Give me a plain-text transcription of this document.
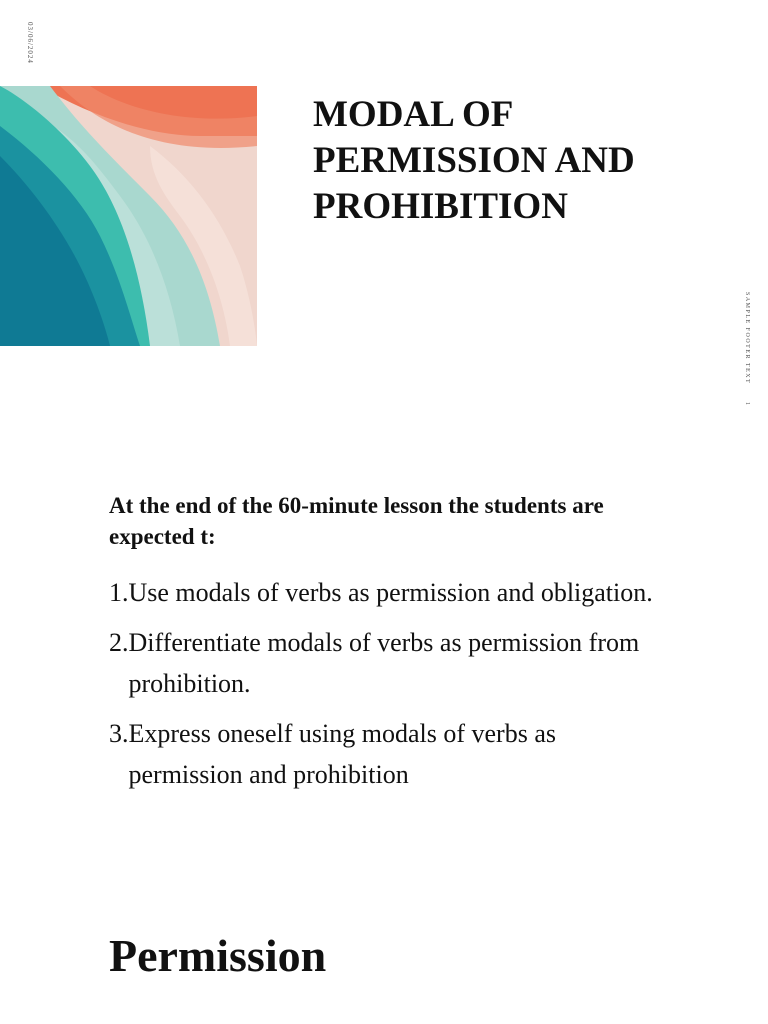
03/06/2024
SAMPLE FOOTER TEXT
1
MODAL OF
PERMISSION AND
PROHIBITION

At the end of the 60-minute lesson the students are expected t:

1. Use modals of verbs as permission and obligation.
2. Differentiate modals of verbs as permission from prohibition.
3. Express oneself using modals of verbs as permission and prohibition
Permission
